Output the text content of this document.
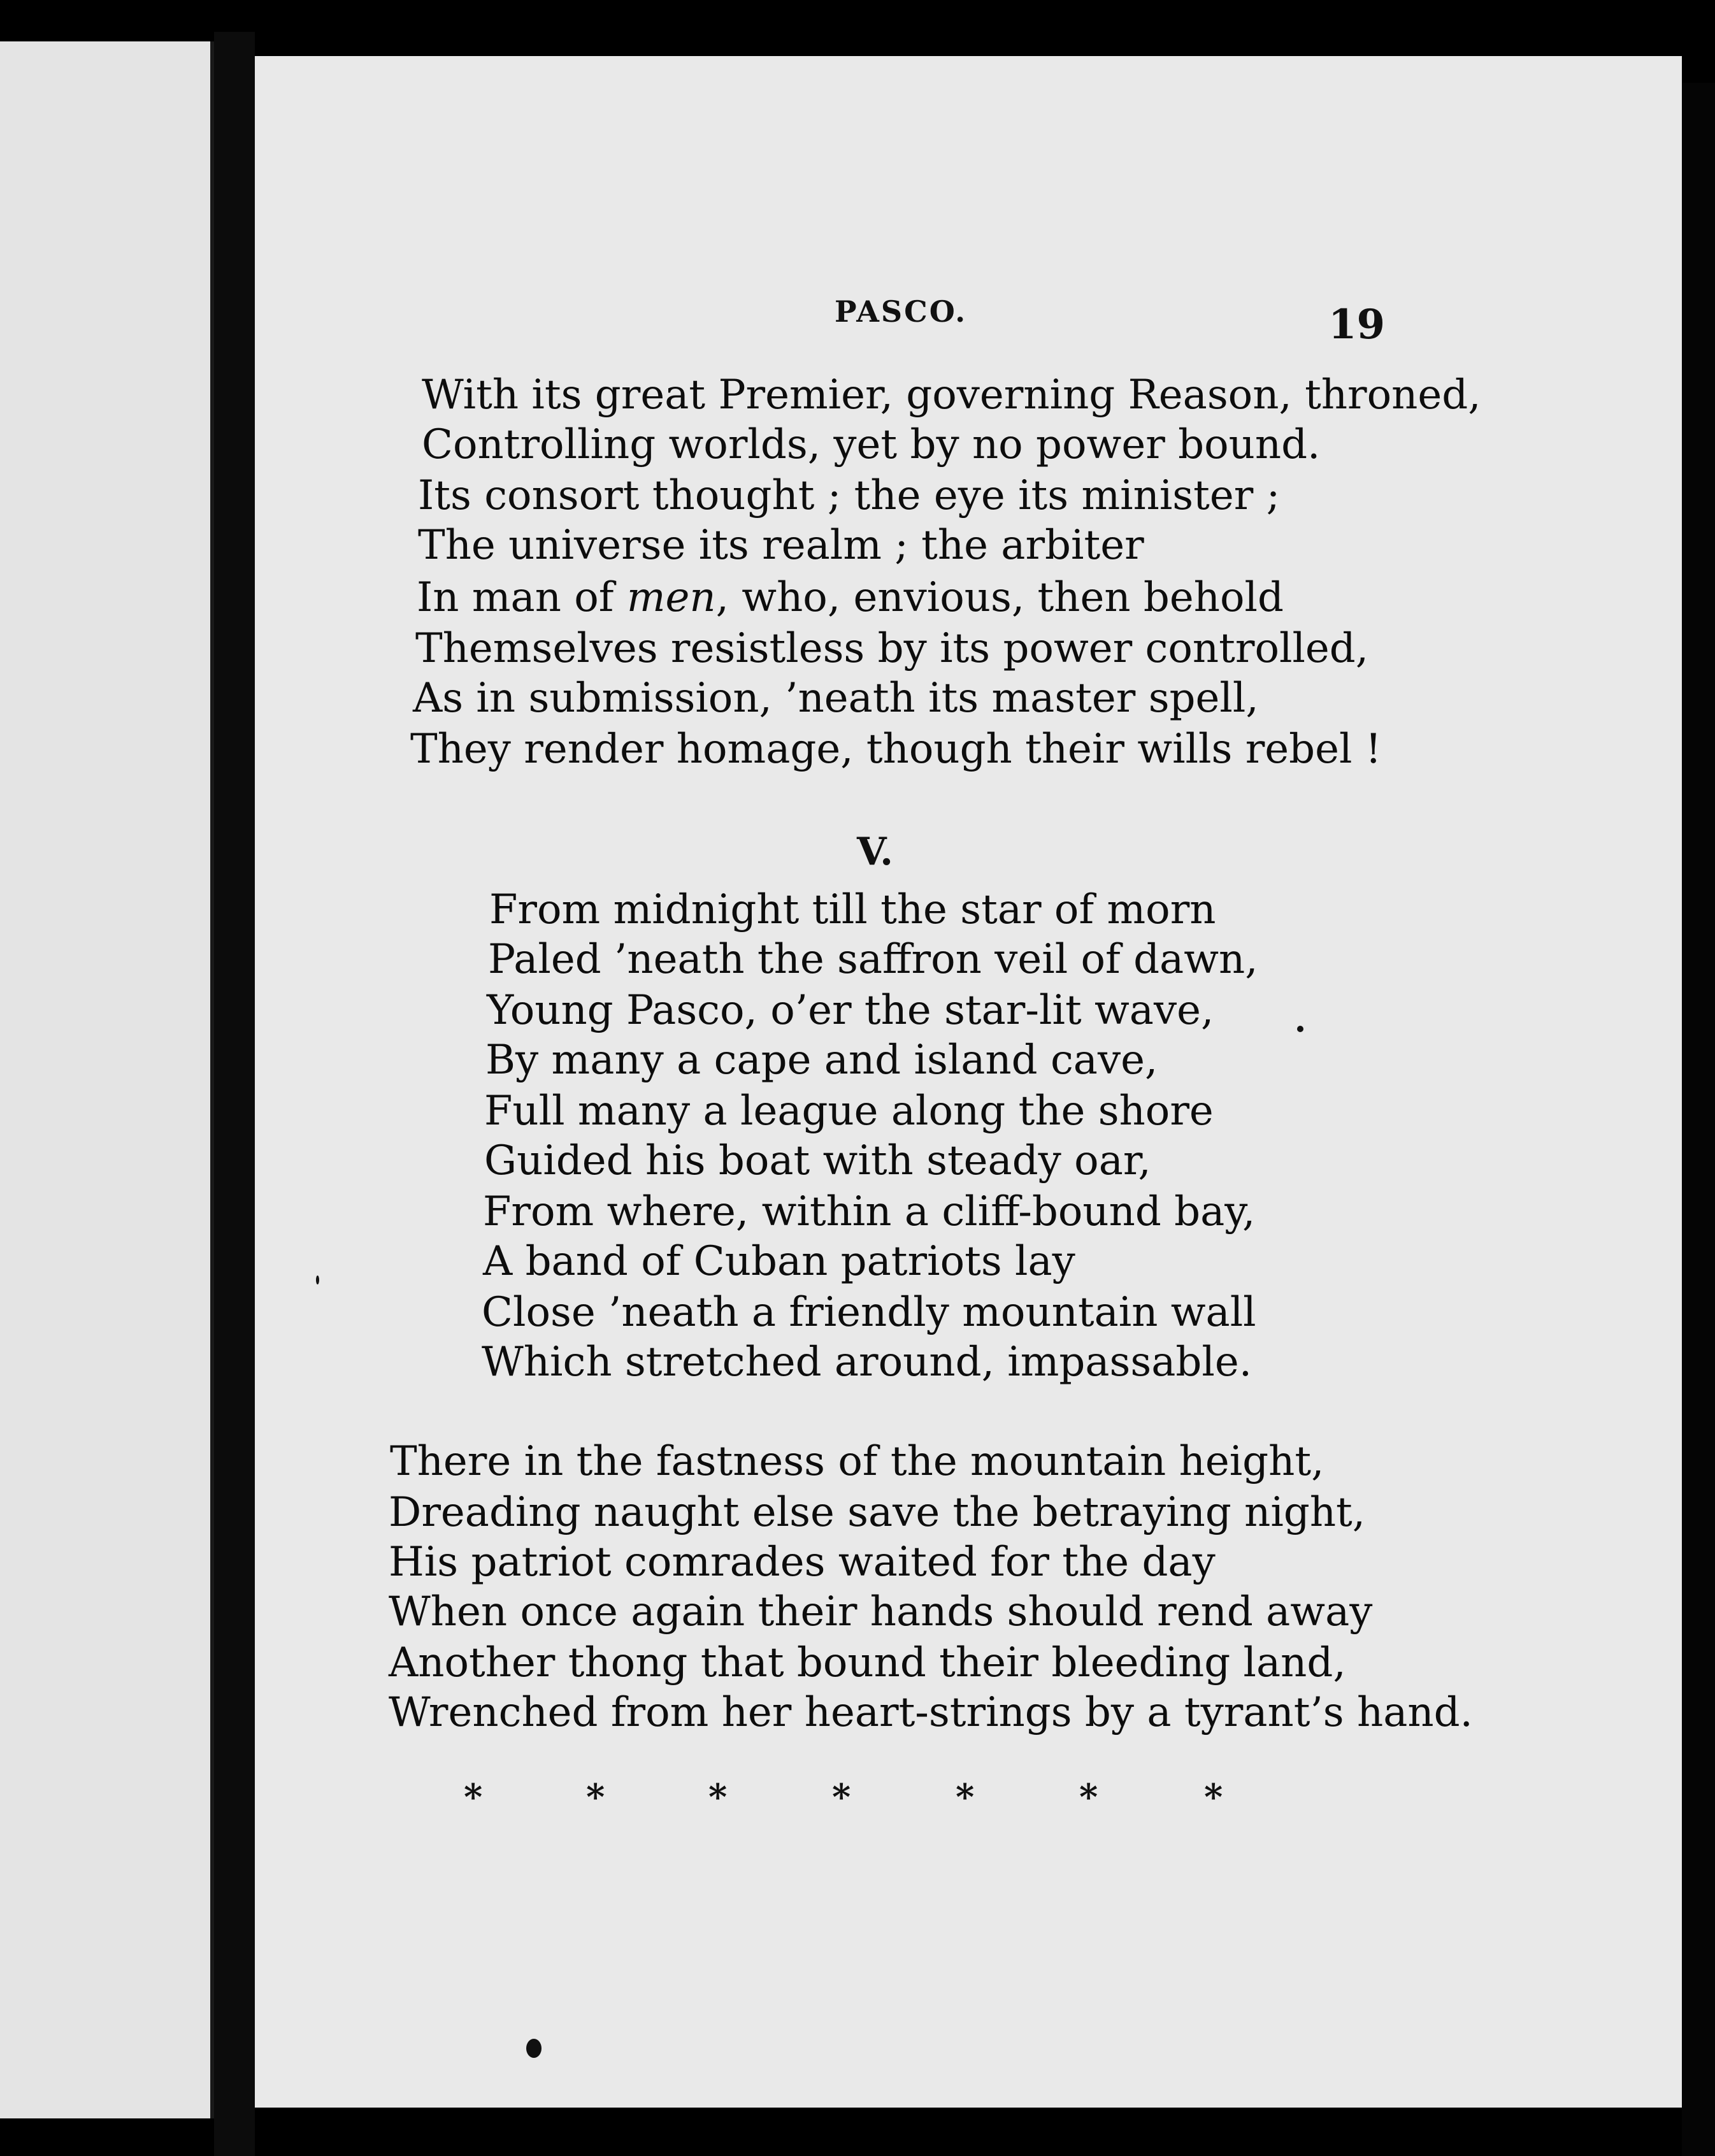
PASCO.	19
With its great Premier, governing Reason, throned,
Controlling worlds, yet by no power bound.
Its consort thought ; the eye its minister ;
The universe its realm ; the arbiter
In man of men, who, envious, then behold
Themselves resistless by its power controlled,
As in submission, ’neath its master spell,
They render homage, though their wills rebel !
V.
From midnight till the star of morn
Paled ’neath the saffron veil of dawn,
Young Pasco, o’er the star-lit wave,
By many a cape and island cave,
Full many a league along the shore
Guided his boat with steady oar,
From where, within a cliff-bound bay,
A band of Cuban patriots lay
Close ’neath a friendly mountain wall
Which stretched around, impassable.
There in the fastness of the mountain height,
Dreading naught else save the betraying night,
His patriot comrades waited for the day
When once again their hands should rend away
Another thong that bound their bleeding land,
Wrenched from her heart-strings by a tyrant’s hand.
*	*	*	*	*	*	*
